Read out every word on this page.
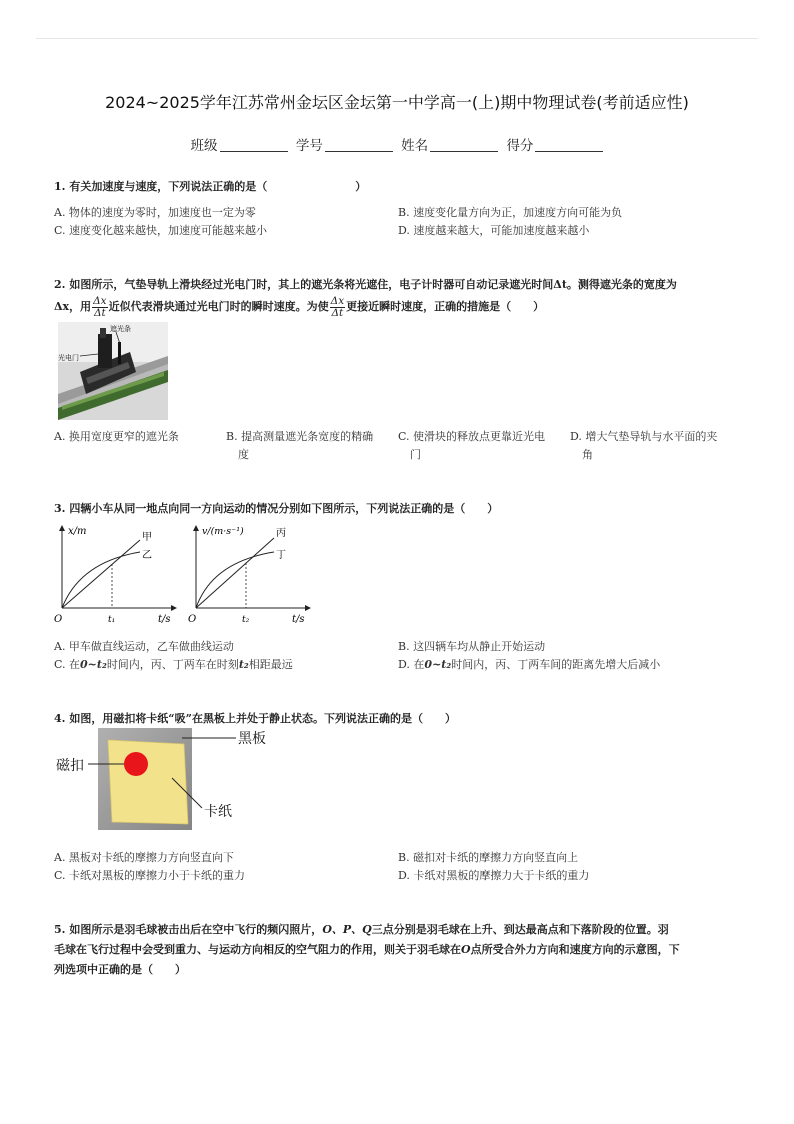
2024~2025学年江苏常州金坛区金坛第一中学高一(上)期中物理试卷(考前适应性)
班级	学号	姓名	得分
1. 有关加速度与速度，下列说法正确的是（　　　　　　　　）
A. 物体的速度为零时，加速度也一定为零	B. 速度变化量方向为正，加速度方向可能为负
C. 速度变化越来越快，加速度可能越来越小	D. 速度越来越大，可能加速度越来越小
2. 如图所示，气垫导轨上滑块经过光电门时，其上的遮光条将光遮住，电子计时器可自动记录遮光时间Δt。测得遮光条的宽度为
Δx，用 $\frac{\Delta x}{\Delta t}$ 近似代表滑块通过光电门时的瞬时速度。为使 $\frac{\Delta x}{\Delta t}$ 更接近瞬时速度，正确的措施是（　　）
遮光条
光电门
A. 换用宽度更窄的遮光条	B. 提高测量遮光条宽度的精确
度
C. 使滑块的释放点更靠近光电
门
D. 增大气垫导轨与水平面的夹
角
3. 四辆小车从同一地点向同一方向运动的情况分别如下图所示，下列说法正确的是（　　）
x/m
甲
乙
O	t₁	t/s
v/(m·s⁻¹)	丙
丁
O	t₂	t/s
A. 甲车做直线运动，乙车做曲线运动	B. 这四辆车均从静止开始运动
C. 在0~t₂时间内，丙、丁两车在时刻t₂相距最远	D. 在0~t₂时间内，丙、丁两车间的距离先增大后减小
4. 如图，用磁扣将卡纸“吸”在黑板上并处于静止状态。下列说法正确的是（　　）
黑板
磁扣
卡纸
A. 黑板对卡纸的摩擦力方向竖直向下	B. 磁扣对卡纸的摩擦力方向竖直向上
C. 卡纸对黑板的摩擦力小于卡纸的重力	D. 卡纸对黑板的摩擦力大于卡纸的重力
5. 如图所示是羽毛球被击出后在空中飞行的频闪照片，O、P、Q三点分别是羽毛球在上升、到达最高点和下落阶段的位置。羽
毛球在飞行过程中会受到重力、与运动方向相反的空气阻力的作用，则关于羽毛球在O点所受合外力方向和速度方向的示意图，下
列选项中正确的是（　　）
